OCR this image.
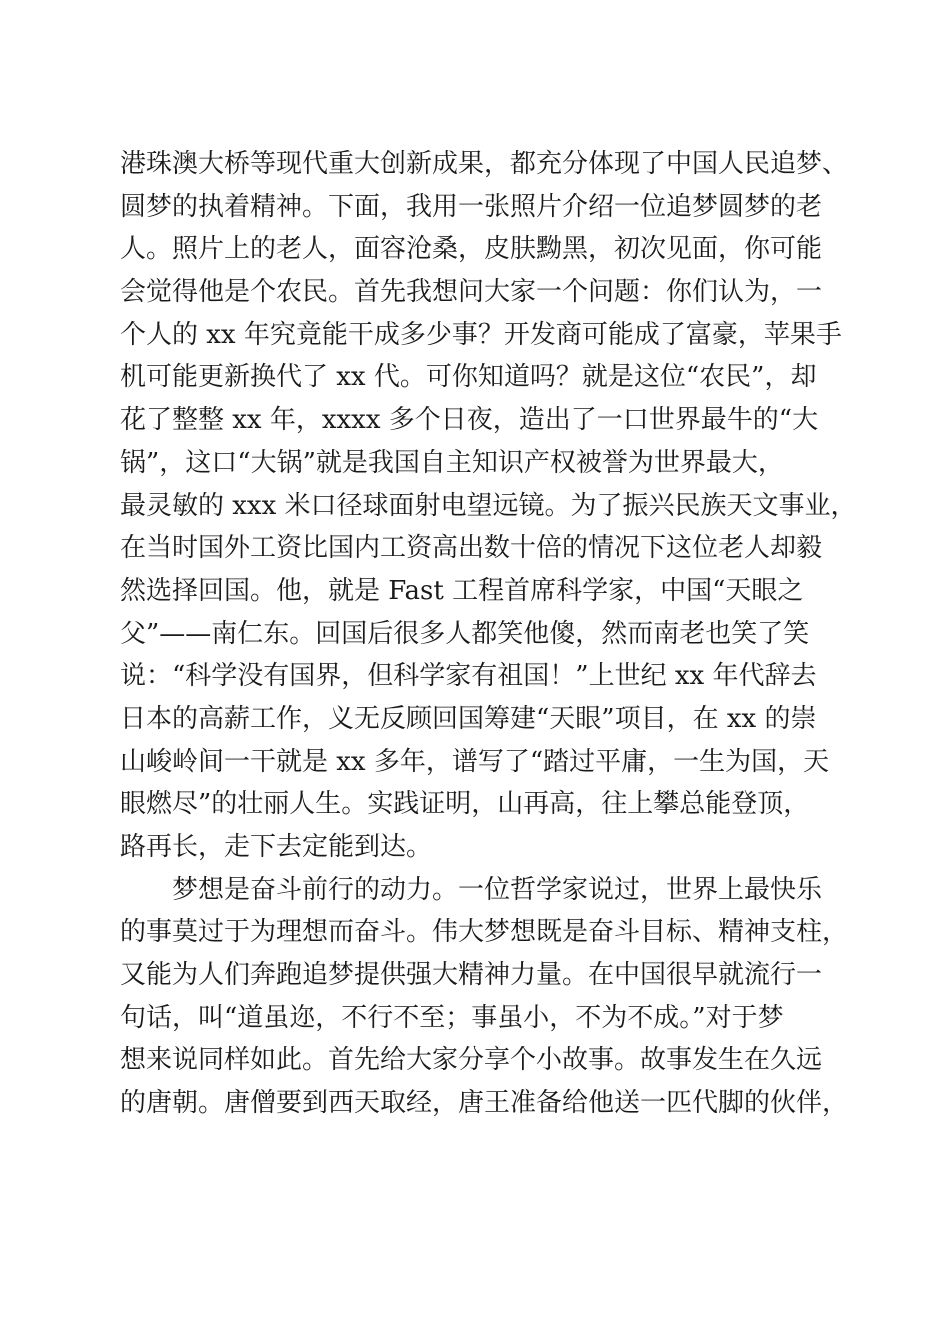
港珠澳大桥等现代重大创新成果，都充分体现了中国人民追梦、
圆梦的执着精神。下面，我用一张照片介绍一位追梦圆梦的老
人。照片上的老人，面容沧桑，皮肤黝黑，初次见面，你可能
会觉得他是个农民。首先我想问大家一个问题：你们认为，一
个人的 xx 年究竟能干成多少事？开发商可能成了富豪，苹果手
机可能更新换代了 xx 代。可你知道吗？就是这位“农民”，却
花了整整 xx 年，xxxx 多个日夜，造出了一口世界最牛的“大
锅”，这口“大锅”就是我国自主知识产权被誉为世界最大，
最灵敏的 xxx 米口径球面射电望远镜。为了振兴民族天文事业，
在当时国外工资比国内工资高出数十倍的情况下这位老人却毅
然选择回国。他，就是 Fast 工程首席科学家，中国“天眼之
父”——南仁东。回国后很多人都笑他傻，然而南老也笑了笑
说：“科学没有国界，但科学家有祖国！”上世纪 xx 年代辞去
日本的高薪工作，义无反顾回国筹建“天眼”项目，在 xx 的崇
山峻岭间一干就是 xx 多年，谱写了“踏过平庸，一生为国，天
眼燃尽”的壮丽人生。实践证明，山再高，往上攀总能登顶，
路再长，走下去定能到达。
梦想是奋斗前行的动力。一位哲学家说过，世界上最快乐
的事莫过于为理想而奋斗。伟大梦想既是奋斗目标、精神支柱，
又能为人们奔跑追梦提供强大精神力量。在中国很早就流行一
句话，叫“道虽迩，不行不至；事虽小，不为不成。”对于梦
想来说同样如此。首先给大家分享个小故事。故事发生在久远
的唐朝。唐僧要到西天取经，唐王准备给他送一匹代脚的伙伴，
